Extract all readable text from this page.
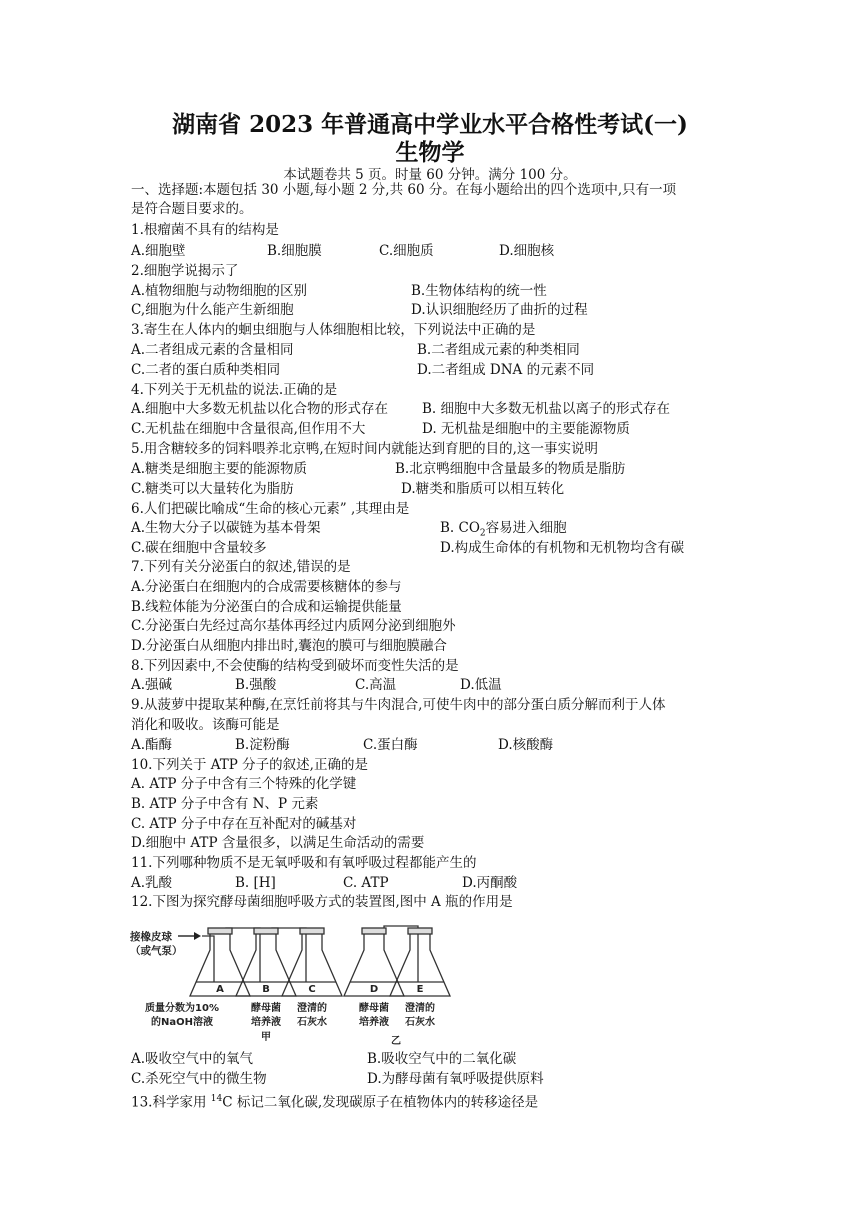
湖南省 2023 年普通高中学业水平合格性考试(一)
生物学
本试题卷共 5 页。时量 60 分钟。满分 100 分。
一、选择题:本题包括 30 小题,每小题 2 分,共 60 分。在每小题给出的四个选项中,只有一项
是符合题目要求的。
1.根瘤菌不具有的结构是
A.细胞壁	B.细胞膜	C.细胞质	D.细胞核
2.细胞学说揭示了
A.植物细胞与动物细胞的区别	B.生物体结构的统一性
C,细胞为什么能产生新细胞	D.认识细胞经历了曲折的过程
3.寄生在人体内的蛔虫细胞与人体细胞相比较，下列说法中正确的是
A.二者组成元素的含量相同	B.二者组成元素的种类相同
C.二者的蛋白质种类相同	D.二者组成 DNA 的元素不同
4.下列关于无机盐的说法.正确的是
A.细胞中大多数无机盐以化合物的形式存在	B. 细胞中大多数无机盐以离子的形式存在
C.无机盐在细胞中含量很高,但作用不大	D. 无机盐是细胞中的主要能源物质
5.用含糖较多的饲料喂养北京鸭,在短时间内就能达到育肥的目的,这一事实说明
A.糖类是细胞主要的能源物质	B.北京鸭细胞中含量最多的物质是脂肪
C.糖类可以大量转化为脂肪	D.糖类和脂质可以相互转化
6.人们把碳比喻成“生命的核心元素” ,其理由是
A.生物大分子以碳链为基本骨架	B. $CO_2$容易进入细胞
C.碳在细胞中含量较多	D.构成生命体的有机物和无机物均含有碳
7.下列有关分泌蛋白的叙述,错误的是
A.分泌蛋白在细胞内的合成需要核糖体的参与
B.线粒体能为分泌蛋白的合成和运输提供能量
C.分泌蛋白先经过高尔基体再经过内质网分泌到细胞外
D.分泌蛋白从细胞内排出时,囊泡的膜可与细胞膜融合
8.下列因素中,不会使酶的结构受到破坏而变性失活的是
A.强碱	B.强酸	C.高温	D.低温
9.从菠萝中提取某种酶,在烹饪前将其与牛肉混合,可使牛肉中的部分蛋白质分解而利于人体
消化和吸收。该酶可能是
A.酯酶	B.淀粉酶	C.蛋白酶	D.核酸酶
10.下列关于 ATP 分子的叙述,正确的是
A. ATP 分子中含有三个特殊的化学键
B. ATP 分子中含有 N、P 元素
C. ATP 分子中存在互补配对的碱基对
D.细胞中 ATP 含量很多，以满足生命活动的需要
11.下列哪种物质不是无氧呼吸和有氧呼吸过程都能产生的
A.乳酸	B. [H]	C. ATP	D.丙酮酸
12.下图为探究酵母菌细胞呼吸方式的装置图,图中 A 瓶的作用是
接橡皮球
（或气泵）
A	B	C	D	E
质量分数为10%
的NaOH溶液
酵母菌
培养液
澄清的
石灰水
酵母菌
培养液
澄清的
石灰水
甲	乙
A.吸收空气中的氧气	B.吸收空气中的二氧化碳
C.杀死空气中的微生物	D.为酵母菌有氧呼吸提供原料
13.科学家用 $^{14}$C 标记二氧化碳,发现碳原子在植物体内的转移途径是
